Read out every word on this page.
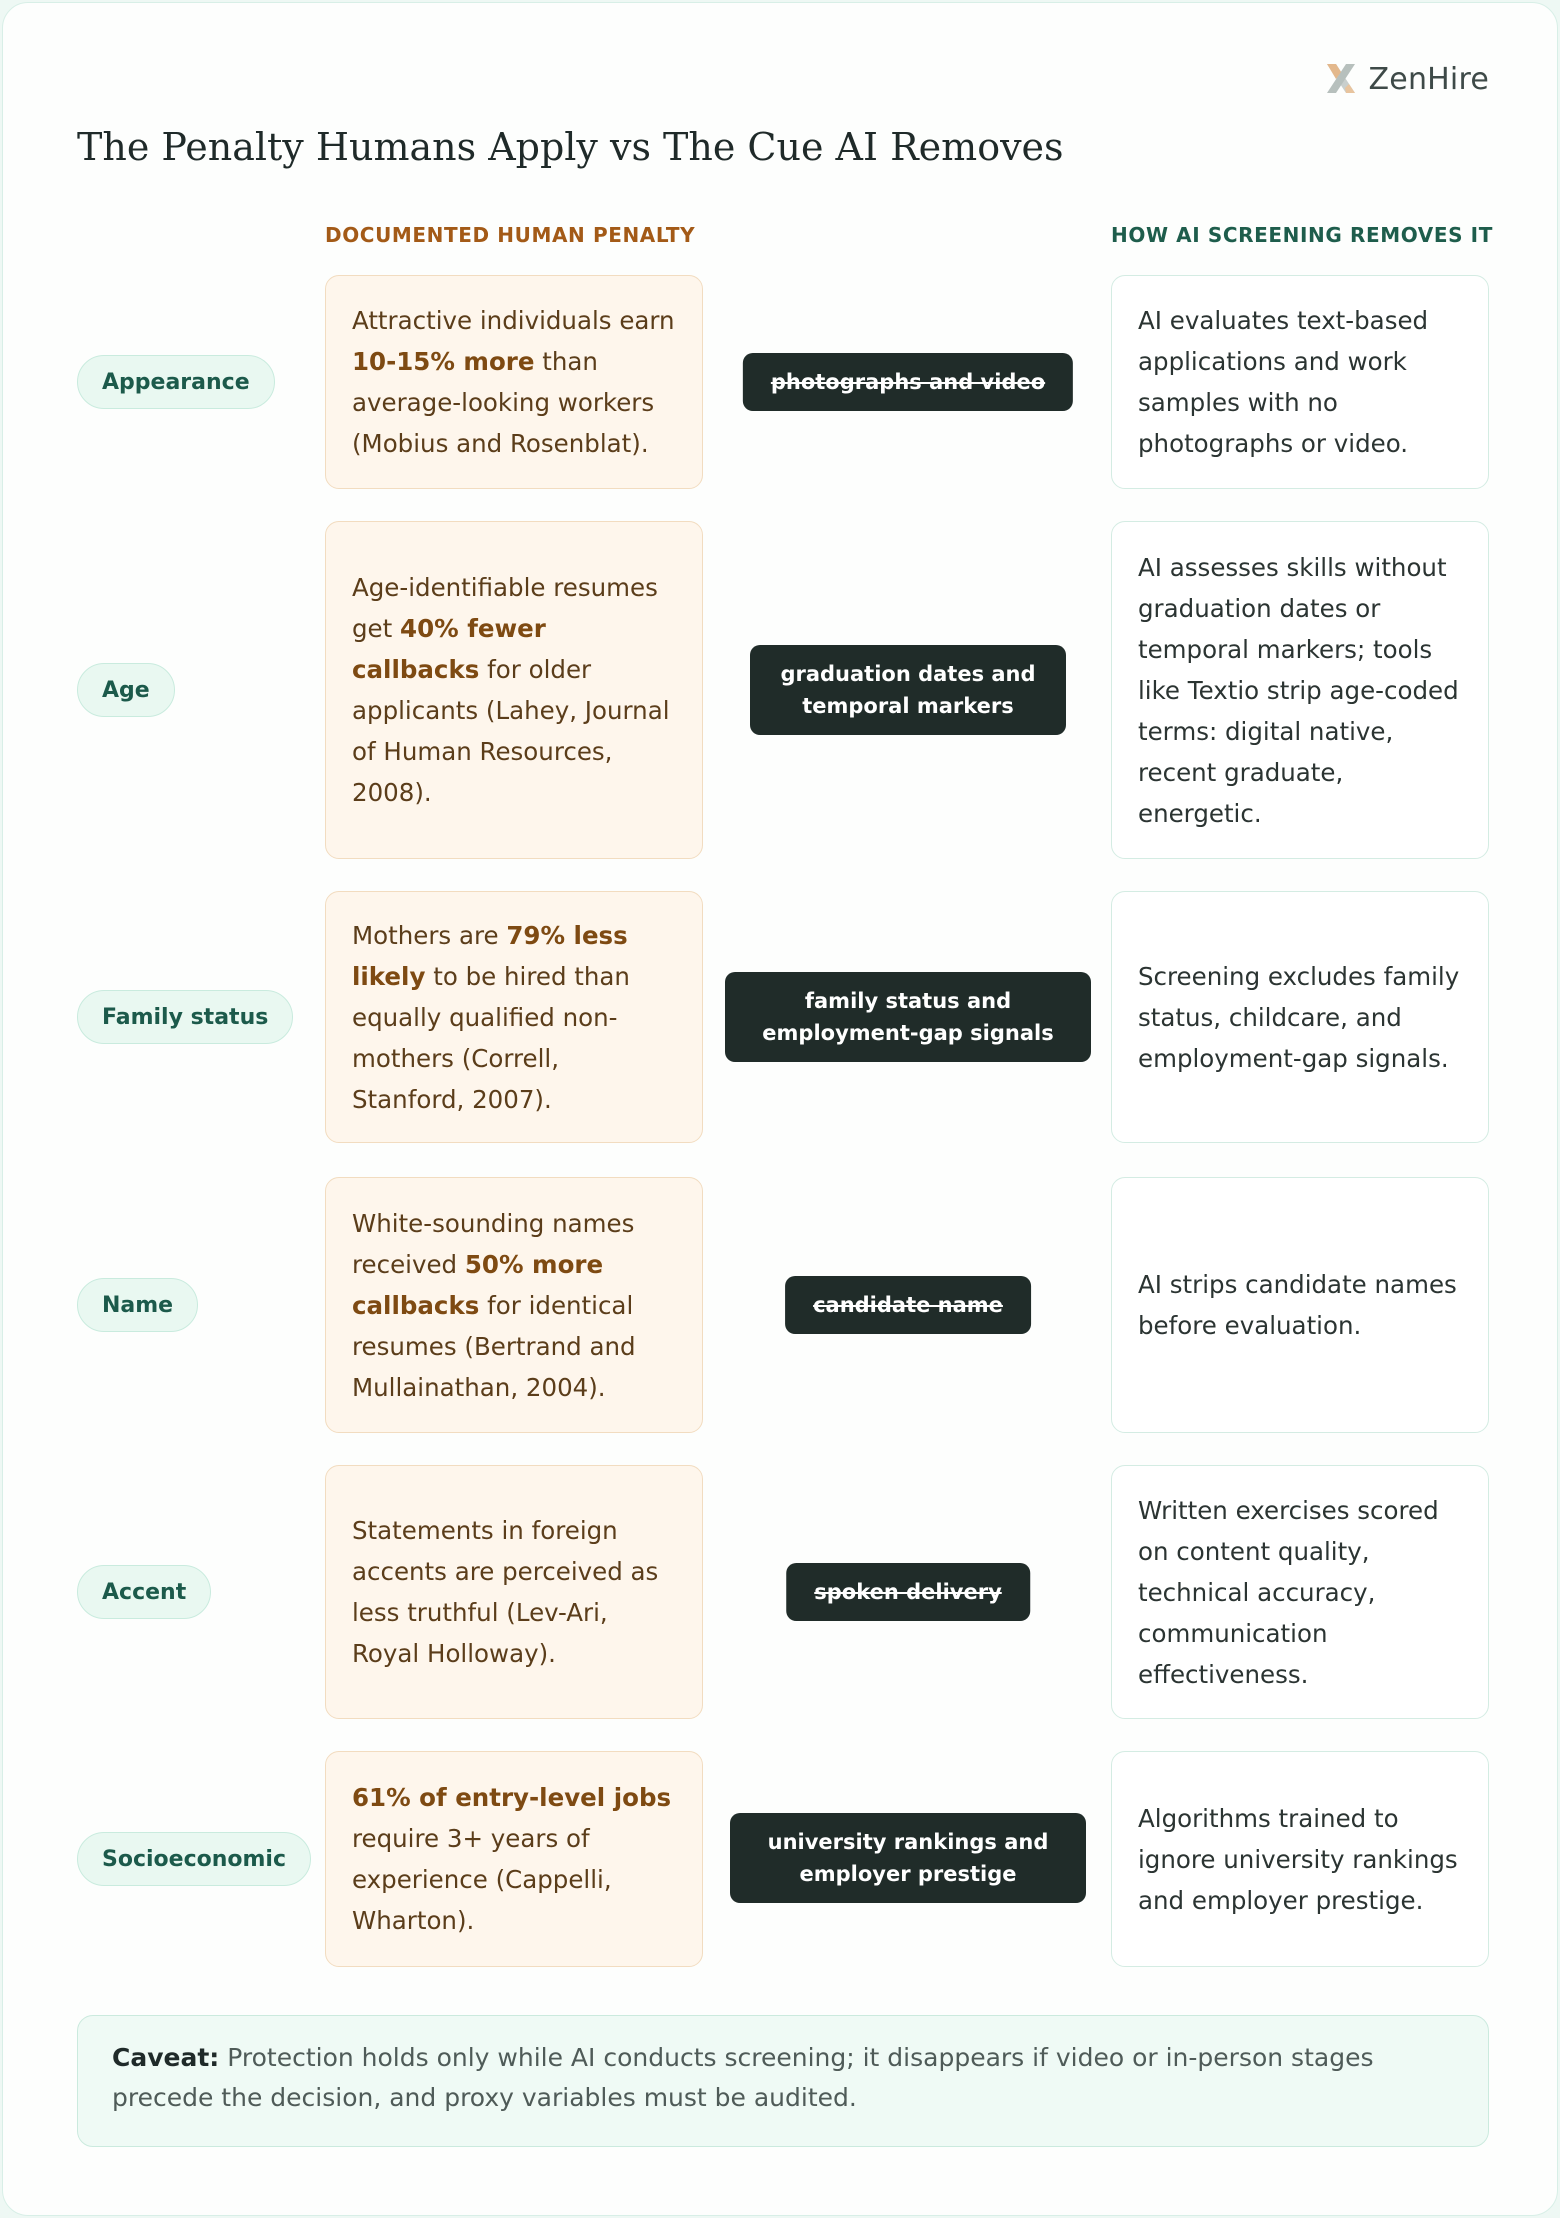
ZenHire
The Penalty Humans Apply vs The Cue AI Removes
DOCUMENTED HUMAN PENALTY	HOW AI SCREENING REMOVES IT
Appearance
Attractive individuals earn 10-15% more than average-looking workers (Mobius and Rosenblat).
photographs and video
AI evaluates text-based applications and work samples with no photographs or video.
Age
Age-identifiable resumes get 40% fewer callbacks for older applicants (Lahey, Journal of Human Resources, 2008).
graduation dates and temporal markers
AI assesses skills without graduation dates or temporal markers; tools like Textio strip age-coded terms: digital native, recent graduate, energetic.
Family status
Mothers are 79% less likely to be hired than equally qualified non-mothers (Correll, Stanford, 2007).
family status and employment-gap signals
Screening excludes family status, childcare, and employment-gap signals.
Name
White-sounding names received 50% more callbacks for identical resumes (Bertrand and Mullainathan, 2004).
candidate name
AI strips candidate names before evaluation.
Accent
Statements in foreign accents are perceived as less truthful (Lev-Ari, Royal Holloway).
spoken delivery
Written exercises scored on content quality, technical accuracy, communication effectiveness.
Socioeconomic
61% of entry-level jobs require 3+ years of experience (Cappelli, Wharton).
university rankings and employer prestige
Algorithms trained to ignore university rankings and employer prestige.
Caveat: Protection holds only while AI conducts screening; it disappears if video or in-person stages precede the decision, and proxy variables must be audited.
